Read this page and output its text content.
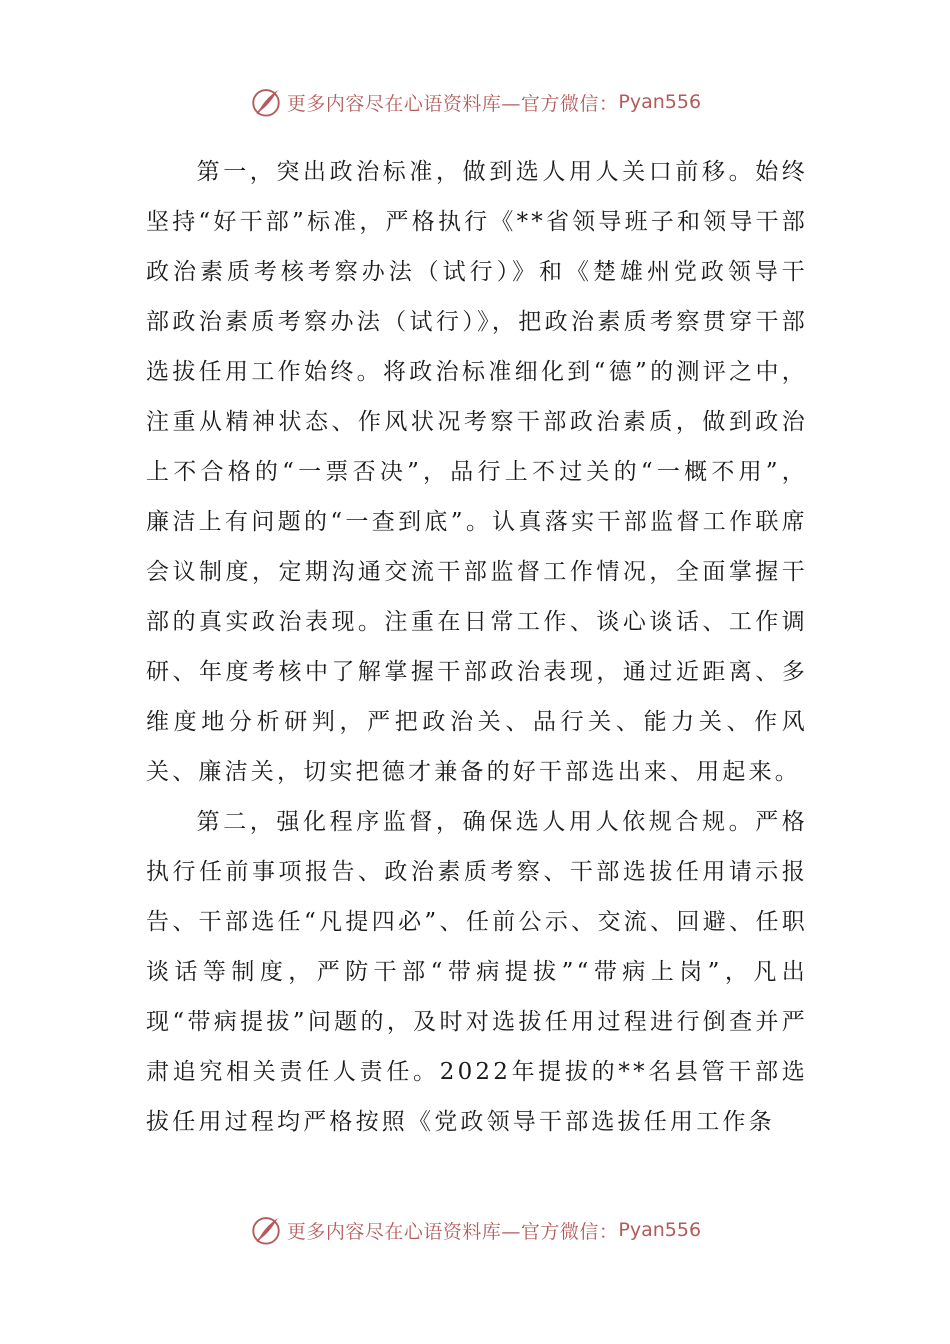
更多内容尽在心语资料库—官方微信： Pyan556

第一，突出政治标准，做到选人用人关口前移。始终坚持“好干部”标准，严格执行《**省领导班子和领导干部政治素质考核考察办法（试行）》和《楚雄州党政领导干部政治素质考察办法（试行）》，把政治素质考察贯穿干部选拔任用工作始终。将政治标准细化到“德”的测评之中，注重从精神状态、作风状况考察干部政治素质，做到政治上不合格的“一票否决”，品行上不过关的“一概不用”，廉洁上有问题的“一查到底”。认真落实干部监督工作联席会议制度，定期沟通交流干部监督工作情况，全面掌握干部的真实政治表现。注重在日常工作、谈心谈话、工作调研、年度考核中了解掌握干部政治表现，通过近距离、多维度地分析研判，严把政治关、品行关、能力关、作风关、廉洁关，切实把德才兼备的好干部选出来、用起来。

第二，强化程序监督，确保选人用人依规合规。严格执行任前事项报告、政治素质考察、干部选拔任用请示报告、干部选任“凡提四必”、任前公示、交流、回避、任职谈话等制度，严防干部“带病提拔”“带病上岗”，凡出现“带病提拔”问题的，及时对选拔任用过程进行倒查并严肃追究相关责任人责任。2022年提拔的**名县管干部选拔任用过程均严格按照《党政领导干部选拔任用工作条

更多内容尽在心语资料库—官方微信： Pyan556
